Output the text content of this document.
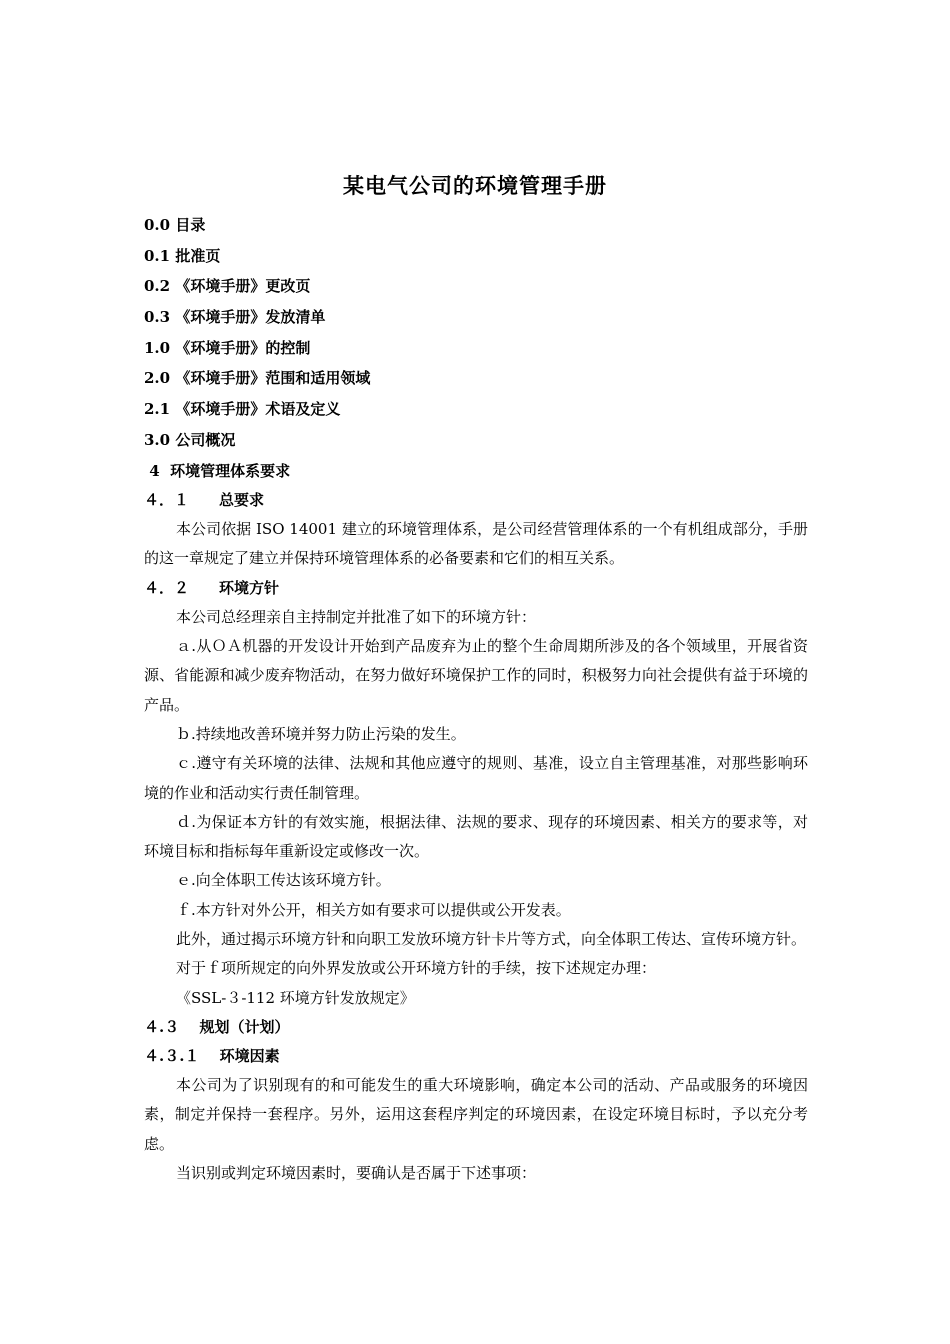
某电气公司的环境管理手册
0.0 目录
0.1 批准页
0.2 《环境手册》更改页
0.3 《环境手册》发放清单
1.0 《环境手册》的控制
2.0 《环境手册》范围和适用领域
2.1 《环境手册》术语及定义
3.0 公司概况
4  环境管理体系要求
４．１　　总要求

本公司依据 ISO 14001 建立的环境管理体系，是公司经营管理体系的一个有机组成部分，手册的这一章规定了建立并保持环境管理体系的必备要素和它们的相互关系。

４．２　　环境方针

本公司总经理亲自主持制定并批准了如下的环境方针：

ａ.从ＯＡ机器的开发设计开始到产品废弃为止的整个生命周期所涉及的各个领域里，开展省资源、省能源和减少废弃物活动，在努力做好环境保护工作的同时，积极努力向社会提供有益于环境的产品。

ｂ.持续地改善环境并努力防止污染的发生。

ｃ.遵守有关环境的法律、法规和其他应遵守的规则、基准，设立自主管理基准，对那些影响环境的作业和活动实行责任制管理。

ｄ.为保证本方针的有效实施，根据法律、法规的要求、现存的环境因素、相关方的要求等，对环境目标和指标每年重新设定或修改一次。

ｅ.向全体职工传达该环境方针。

ｆ.本方针对外公开，相关方如有要求可以提供或公开发表。

此外，通过揭示环境方针和向职工发放环境方针卡片等方式，向全体职工传达、宣传环境方针。

对于ｆ项所规定的向外界发放或公开环境方针的手续，按下述规定办理：

《SSL-３-112 环境方针发放规定》

４.３　 规划（计划）
４.３.１　 环境因素

本公司为了识别现有的和可能发生的重大环境影响，确定本公司的活动、产品或服务的环境因素，制定并保持一套程序。另外，运用这套程序判定的环境因素，在设定环境目标时，予以充分考虑。

当识别或判定环境因素时，要确认是否属于下述事项：
